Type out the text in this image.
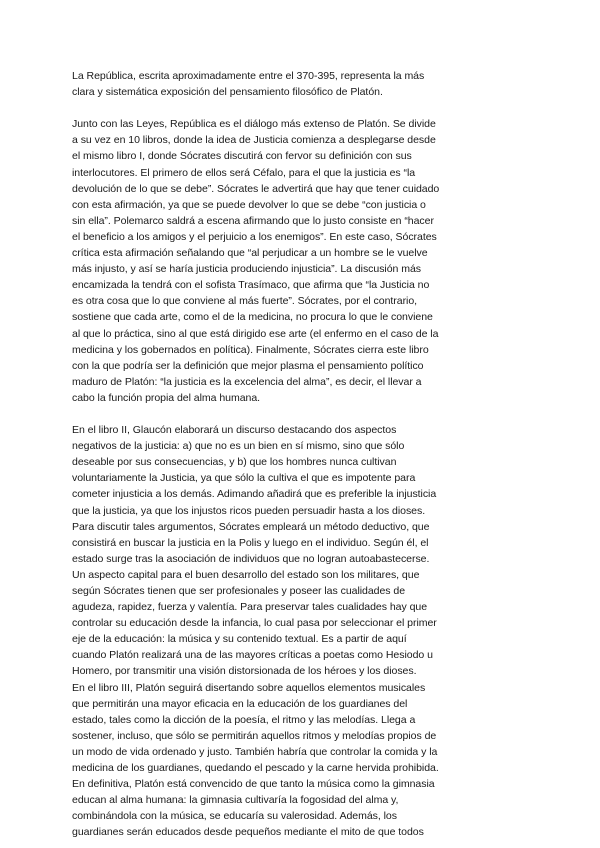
La República, escrita aproximadamente entre el 370-395, representa la más
clara y sistemática exposición del pensamiento filosófico de Platón.
Junto con las Leyes, República es el diálogo más extenso de Platón. Se divide
a su vez en 10 libros, donde la idea de Justicia comienza a desplegarse desde
el mismo libro I, donde Sócrates discutirá con fervor su definición con sus
interlocutores. El primero de ellos será Céfalo, para el que la justicia es “la
devolución de lo que se debe”. Sócrates le advertirá que hay que tener cuidado
con esta afirmación, ya que se puede devolver lo que se debe “con justicia o
sin ella”. Polemarco saldrá a escena afirmando que lo justo consiste en “hacer
el beneficio a los amigos y el perjuicio a los enemigos”. En este caso, Sócrates
crítica esta afirmación señalando que “al perjudicar a un hombre se le vuelve
más injusto, y así se haría justicia produciendo injusticia”. La discusión más
encamizada la tendrá con el sofista Trasímaco, que afirma que “la Justicia no
es otra cosa que lo que conviene al más fuerte”. Sócrates, por el contrario,
sostiene que cada arte, como el de la medicina, no procura lo que le conviene
al que lo práctica, sino al que está dirigido ese arte (el enfermo en el caso de la
medicina y los gobernados en política). Finalmente, Sócrates cierra este libro
con la que podría ser la definición que mejor plasma el pensamiento político
maduro de Platón: “la justicia es la excelencia del alma”, es decir, el llevar a
cabo la función propia del alma humana.
En el libro II, Glaucón elaborará un discurso destacando dos aspectos
negativos de la justicia: a) que no es un bien en sí mismo, sino que sólo
deseable por sus consecuencias, y b) que los hombres nunca cultivan
voluntariamente la Justicia, ya que sólo la cultiva el que es impotente para
cometer injusticia a los demás. Adimando añadirá que es preferible la injusticia
que la justicia, ya que los injustos ricos pueden persuadir hasta a los dioses.
Para discutir tales argumentos, Sócrates empleará un método deductivo, que
consistirá en buscar la justicia en la Polis y luego en el individuo. Según él, el
estado surge tras la asociación de individuos que no logran autoabastecerse.
Un aspecto capital para el buen desarrollo del estado son los militares, que
según Sócrates tienen que ser profesionales y poseer las cualidades de
agudeza, rapidez, fuerza y valentía. Para preservar tales cualidades hay que
controlar su educación desde la infancia, lo cual pasa por seleccionar el primer
eje de la educación: la música y su contenido textual. Es a partir de aquí
cuando Platón realizará una de las mayores críticas a poetas como Hesiodo u
Homero, por transmitir una visión distorsionada de los héroes y los dioses.
En el libro III, Platón seguirá disertando sobre aquellos elementos musicales
que permitirán una mayor eficacia en la educación de los guardianes del
estado, tales como la dicción de la poesía, el ritmo y las melodías. Llega a
sostener, incluso, que sólo se permitirán aquellos ritmos y melodías propios de
un modo de vida ordenado y justo. También habría que controlar la comida y la
medicina de los guardianes, quedando el pescado y la carne hervida prohibida.
En definitiva, Platón está convencido de que tanto la música como la gimnasia
educan al alma humana: la gimnasia cultivaría la fogosidad del alma y,
combinándola con la música, se educaría su valerosidad. Además, los
guardianes serán educados desde pequeños mediante el mito de que todos
